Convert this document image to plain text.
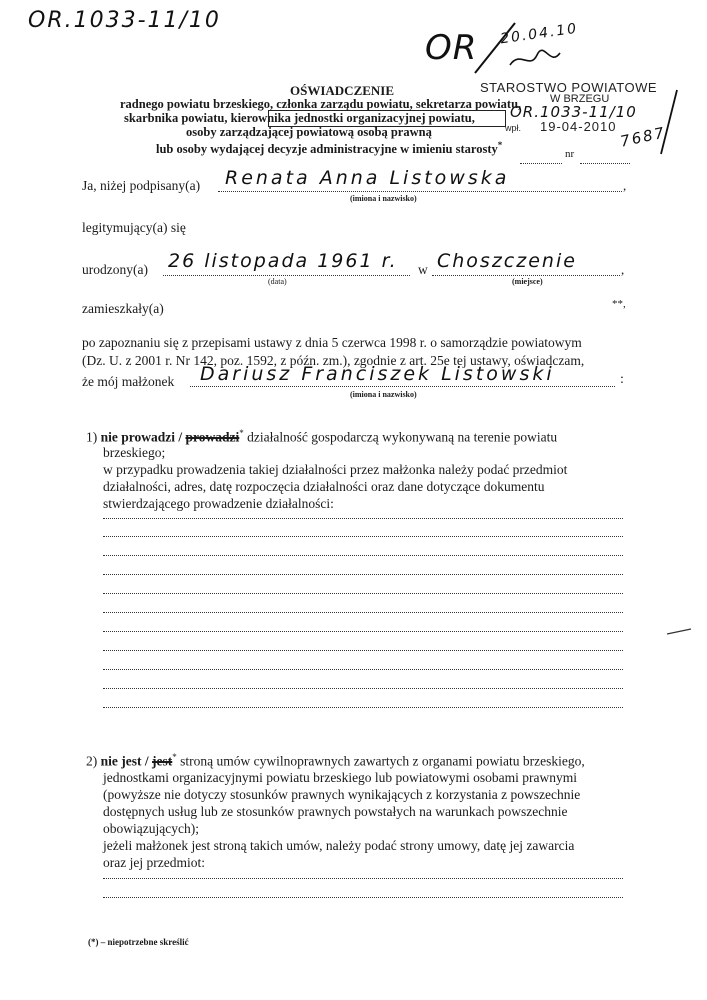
OR.1033-11/10
OR 20.04.10
STAROSTWO POWIATOWE
W BRZEGU
OR.1033-11/10
wpł. 19-04-2010 7687
OŚWIADCZENIE
radnego powiatu brzeskiego, członka zarządu powiatu, sekretarza powiatu,
skarbnika powiatu, kierownika jednostki organizacyjnej powiatu,
osoby zarządzającej powiatową osobą prawną
lub osoby wydającej decyzje administracyjne w imieniu starosty*
nr
Ja, niżej podpisany(a) Renata Anna Listowska	,
(imiona i nazwisko)
legitymujący(a) się
urodzony(a) 26 listopada 1961 r.
(data)
w Choszczenie	,
(miejsce)
zamieszkały(a)	**,
po zapoznaniu się z przepisami ustawy z dnia 5 czerwca 1998 r. o samorządzie powiatowym
(Dz. U. z 2001 r. Nr 142, poz. 1592, z późn. zm.), zgodnie z art. 25e tej ustawy, oświadczam,
że mój małżonek Dariusz Franciszek Listowski	:
(imiona i nazwisko)
1) nie prowadzi / prowadzi* działalność gospodarczą wykonywaną na terenie powiatu
brzeskiego;
w przypadku prowadzenia takiej działalności przez małżonka należy podać przedmiot
działalności, adres, datę rozpoczęcia działalności oraz dane dotyczące dokumentu
stwierdzającego prowadzenie działalności:
2) nie jest / jest* stroną umów cywilnoprawnych zawartych z organami powiatu brzeskiego,
jednostkami organizacyjnymi powiatu brzeskiego lub powiatowymi osobami prawnymi
(powyższe nie dotyczy stosunków prawnych wynikających z korzystania z powszechnie
dostępnych usług lub ze stosunków prawnych powstałych na warunkach powszechnie
obowiązujących);
jeżeli małżonek jest stroną takich umów, należy podać strony umowy, datę jej zawarcia
oraz jej przedmiot:
(*) – niepotrzebne skreślić
